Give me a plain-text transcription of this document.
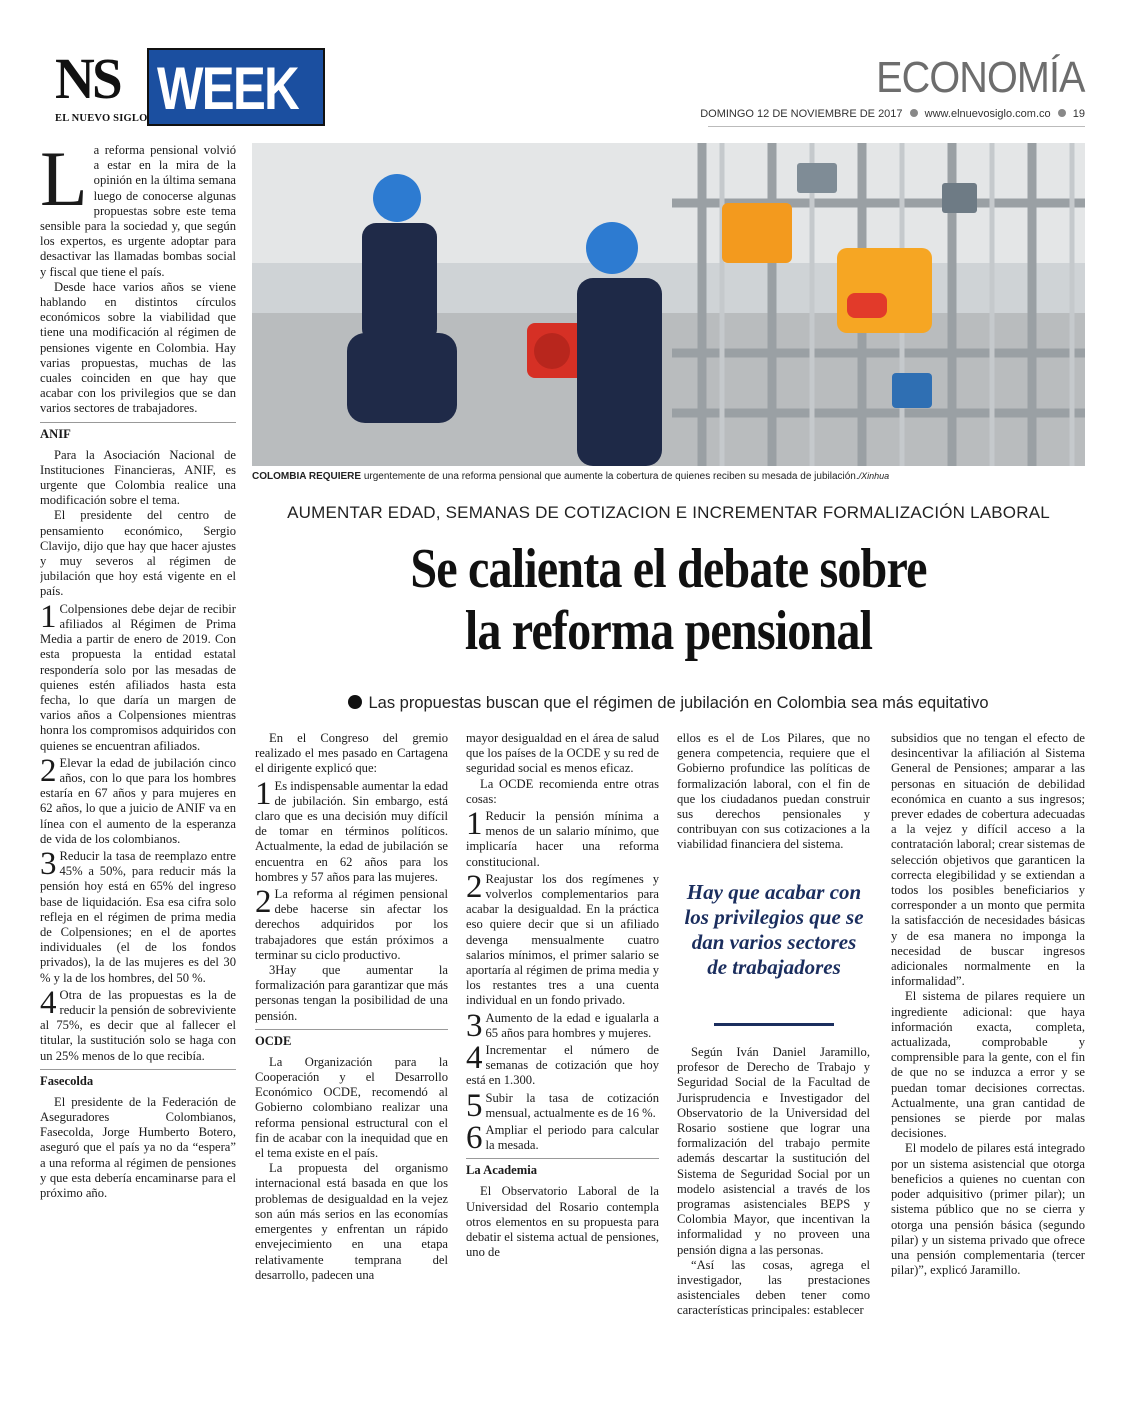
NS
EL NUEVO SIGLO WEEK	ECONOMÍA
DOMINGO 12 DE NOVIEMBRE DE 2017 www.elnuevosiglo.com.co 19
COLOMBIA REQUIERE urgentemente de una reforma pensional que aumente la cobertura de quienes reciben su mesada de jubilación./Xinhua
AUMENTAR EDAD, SEMANAS DE COTIZACION E INCREMENTAR FORMALIZACIÓN LABORAL
Se calienta el debate sobre
la reforma pensional
Las propuestas buscan que el régimen de jubilación en Colombia sea más equitativo

La reforma pensional volvió a estar en la mira de la opinión en la última semana luego de conocerse algunas propuestas sobre este tema sensible para la sociedad y, que según los expertos, es urgente adoptar para desactivar las llamadas bombas social y fiscal que tiene el país.

Desde hace varios años se viene hablando en distintos círculos económicos sobre la viabilidad que tiene una modificación al régimen de pensiones vigente en Colombia. Hay varias propuestas, muchas de las cuales coinciden en que hay que acabar con los privilegios que se dan varios sectores de trabajadores.

ANIF

Para la Asociación Nacional de Instituciones Financieras, ANIF, es urgente que Colombia realice una modificación sobre el tema.

El presidente del centro de pensamiento económico, Sergio Clavijo, dijo que hay que hacer ajustes y muy severos al régimen de jubilación que hoy está vigente en el país.

1 Colpensiones debe dejar de recibir afiliados al Régimen de Prima Media a partir de enero de 2019. Con esta propuesta la entidad estatal respondería solo por las mesadas de quienes estén afiliados hasta esta fecha, lo que daría un margen de varios años a Colpensiones mientras honra los compromisos adquiridos con quienes se encuentran afiliados.

2 Elevar la edad de jubilación cinco años, con lo que para los hombres estaría en 67 años y para mujeres en 62 años, lo que a juicio de ANIF va en línea con el aumento de la esperanza de vida de los colombianos.

3 Reducir la tasa de reemplazo entre 45% a 50%, para reducir más la pensión hoy está en 65% del ingreso base de liquidación. Esa esa cifra solo refleja en el régimen de prima media de Colpensiones; en el de aportes individuales (el de los fondos privados), la de las mujeres es del 30 % y la de los hombres, del 50 %.

4 Otra de las propuestas es la de reducir la pensión de sobreviviente al 75%, es decir que al fallecer el titular, la sustitución solo se haga con un 25% menos de lo que recibía.

Fasecolda

El presidente de la Federación de Aseguradores Colombianos, Fasecolda, Jorge Humberto Botero, aseguró que el país ya no da “espera” a una reforma al régimen de pensiones y que esta debería encaminarse para el próximo año.

En el Congreso del gremio realizado el mes pasado en Cartagena el dirigente explicó que:

1 Es indispensable aumentar la edad de jubilación. Sin embargo, está claro que es una decisión muy difícil de tomar en términos políticos. Actualmente, la edad de jubilación se encuentra en 62 años para los hombres y 57 años para las mujeres.

2 La reforma al régimen pensional debe hacerse sin afectar los derechos adquiridos por los trabajadores que están próximos a terminar su ciclo productivo.

3Hay que aumentar la formalización para garantizar que más personas tengan la posibilidad de una pensión.

OCDE

La Organización para la Cooperación y el Desarrollo Económico OCDE, recomendó al Gobierno colombiano realizar una reforma pensional estructural con el fin de acabar con la inequidad que en el tema existe en el país.

La propuesta del organismo internacional está basada en que los problemas de desigualdad en la vejez son aún más serios en las economías emergentes y enfrentan un rápido envejecimiento en una etapa relativamente temprana del desarrollo, padecen una

mayor desigualdad en el área de salud que los países de la OCDE y su red de seguridad social es menos eficaz.

La OCDE recomienda entre otras cosas:

1 Reducir la pensión mínima a menos de un salario mínimo, que implicaría hacer una reforma constitucional.

2 Reajustar los dos regímenes y volverlos complementarios para acabar la desigualdad. En la práctica eso quiere decir que si un afiliado devenga mensualmente cuatro salarios mínimos, el primer salario se aportaría al régimen de prima media y los restantes tres a una cuenta individual en un fondo privado.

3 Aumento de la edad e igualarla a 65 años para hombres y mujeres.

4 Incrementar el número de semanas de cotización que hoy está en 1.300.

5 Subir la tasa de cotización mensual, actualmente es de 16 %.

6 Ampliar el periodo para calcular la mesada.

La Academia

El Observatorio Laboral de la Universidad del Rosario contempla otros elementos en su propuesta para debatir el sistema actual de pensiones, uno de

ellos es el de Los Pilares, que no genera competencia, requiere que el Gobierno profundice las políticas de formalización laboral, con el fin de que los ciudadanos puedan construir sus derechos pensionales y contribuyan con sus cotizaciones a la viabilidad financiera del sistema.

Hay que acabar con los privilegios que se dan varios sectores de trabajadores

Según Iván Daniel Jaramillo, profesor de Derecho de Trabajo y Seguridad Social de la Facultad de Jurisprudencia e Investigador del Observatorio de la Universidad del Rosario sostiene que lograr una formalización del trabajo permite además descartar la sustitución del Sistema de Seguridad Social por un modelo asistencial a través de los programas asistenciales BEPS y Colombia Mayor, que incentivan la informalidad y no proveen una pensión digna a las personas.

“Así las cosas, agrega el investigador, las prestaciones asistenciales deben tener como características principales: establecer

subsidios que no tengan el efecto de desincentivar la afiliación al Sistema General de Pensiones; amparar a las personas en situación de debilidad económica en cuanto a sus ingresos; prever edades de cobertura adecuadas a la vejez y difícil acceso a la contratación laboral; crear sistemas de selección objetivos que garanticen la correcta elegibilidad y se extiendan a todos los posibles beneficiarios y corresponder a un monto que permita la satisfacción de necesidades básicas y de esa manera no imponga la necesidad de buscar ingresos adicionales normalmente en la informalidad”.

El sistema de pilares requiere un ingrediente adicional: que haya información exacta, completa, actualizada, comprobable y comprensible para la gente, con el fin de que no se induzca a error y se puedan tomar decisiones correctas. Actualmente, una gran cantidad de pensiones se pierde por malas decisiones.

El modelo de pilares está integrado por un sistema asistencial que otorga beneficios a quienes no cuentan con poder adquisitivo (primer pilar); un sistema público que no se cierra y otorga una pensión básica (segundo pilar) y un sistema privado que ofrece una pensión complementaria (tercer pilar)”, explicó Jaramillo.
